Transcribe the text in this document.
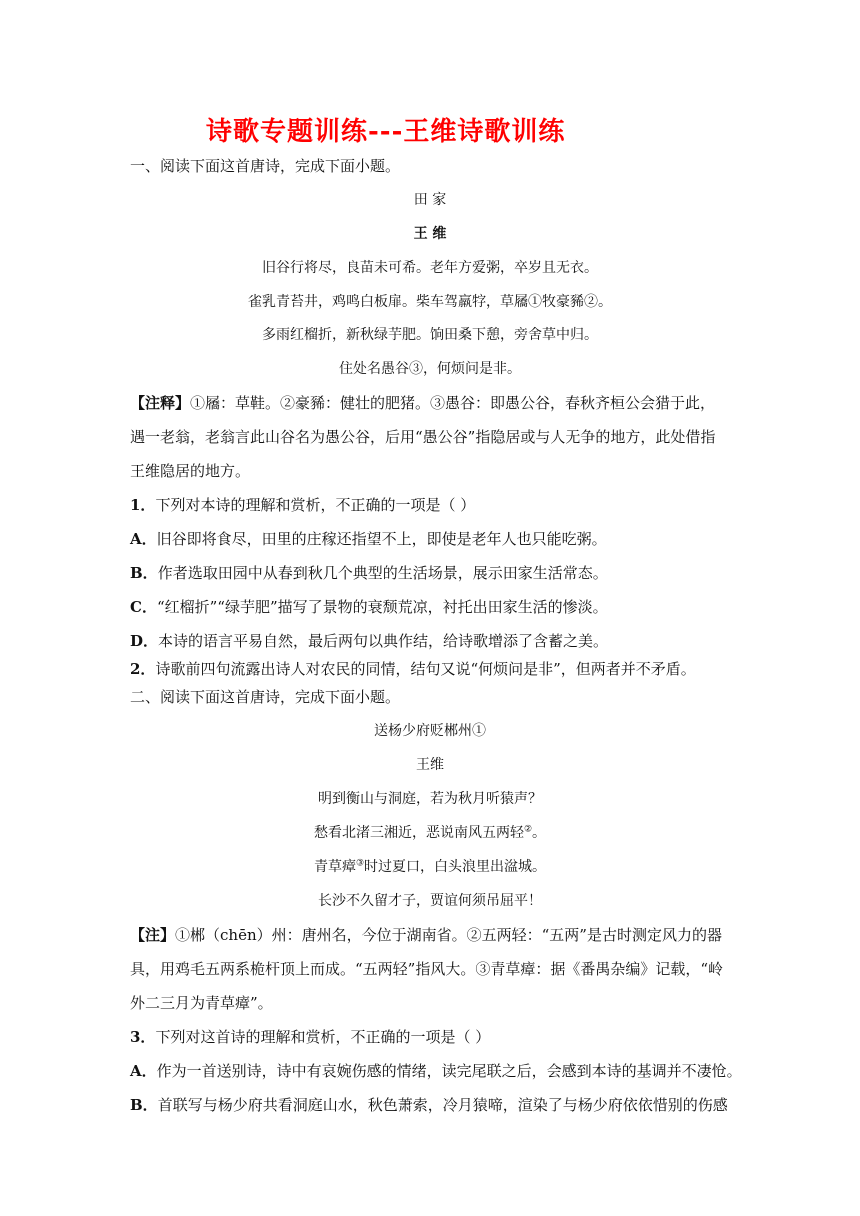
诗歌专题训练---王维诗歌训练
一、阅读下面这首唐诗，完成下面小题。
田 家
王 维
旧谷行将尽，良苗未可希。老年方爱粥，卒岁且无衣。
雀乳青苔井，鸡鸣白板扉。柴车驾羸牸，草屩①牧豪豨②。
多雨红榴折，新秋绿芋肥。饷田桑下憩，旁舍草中归。
住处名愚谷③，何烦问是非。
【注释】①屩：草鞋。②豪豨：健壮的肥猪。③愚谷：即愚公谷，春秋齐桓公会猎于此，
遇一老翁，老翁言此山谷名为愚公谷，后用“愚公谷”指隐居或与人无争的地方，此处借指
王维隐居的地方。
1．下列对本诗的理解和赏析，不正确的一项是（ ）
A．旧谷即将食尽，田里的庄稼还指望不上，即使是老年人也只能吃粥。
B．作者选取田园中从春到秋几个典型的生活场景，展示田家生活常态。
C．“红榴折”“绿芋肥”描写了景物的衰颓荒凉，衬托出田家生活的惨淡。
D．本诗的语言平易自然，最后两句以典作结，给诗歌增添了含蓄之美。
2．诗歌前四句流露出诗人对农民的同情，结句又说“何烦问是非”，但两者并不矛盾。
二、阅读下面这首唐诗，完成下面小题。
送杨少府贬郴州①
王维
明到衡山与洞庭，若为秋月听猿声？
愁看北渚三湘近，恶说南风五两轻②。
青草瘴③时过夏口，白头浪里出湓城。
长沙不久留才子，贾谊何须吊屈平！
【注】①郴（chēn）州：唐州名，今位于湖南省。②五两轻：“五两”是古时测定风力的器
具，用鸡毛五两系桅杆顶上而成。“五两轻”指风大。③青草瘴：据《番禺杂编》记载，“岭
外二三月为青草瘴”。
3．下列对这首诗的理解和赏析，不正确的一项是（ ）
A．作为一首送别诗，诗中有哀婉伤感的情绪，读完尾联之后，会感到本诗的基调并不凄怆。
B．首联写与杨少府共看洞庭山水，秋色萧索，冷月猿啼，渲染了与杨少府依依惜别的伤感
